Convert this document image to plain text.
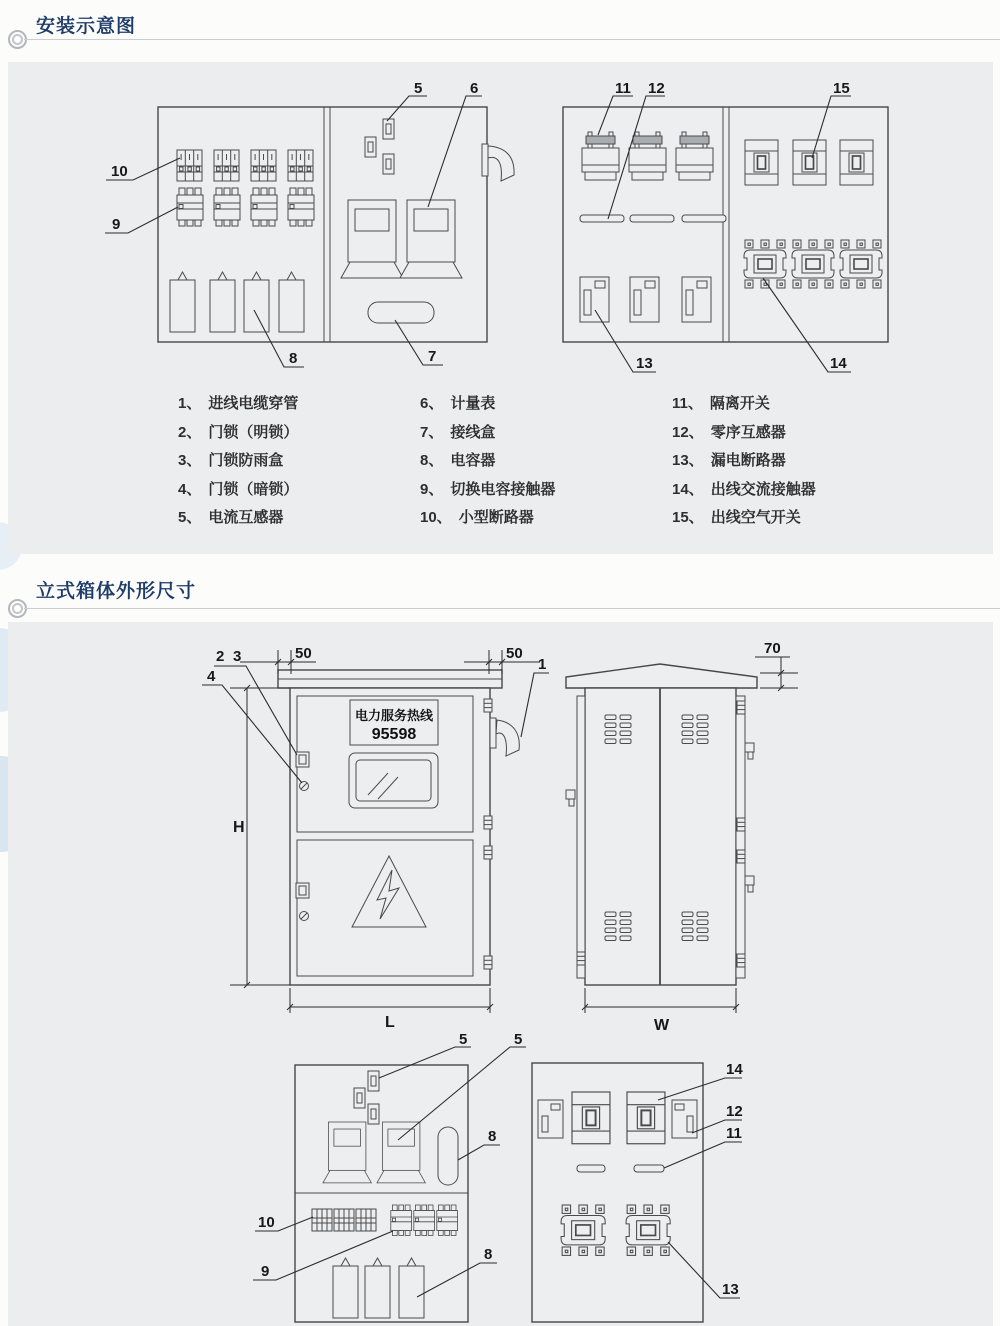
安装示意图
立式箱体外形尺寸
1、 进线电缆穿管
2、 门锁（明锁）
3、 门锁防雨盒
4、 门锁（暗锁）
5、 电流互感器
6、 计量表
7、 接线盒
8、 电容器
9、 切换电容接触器
10、 小型断路器
11、 隔离开关
12、 零序互感器
13、 漏电断路器
14、 出线交流接触器
15、 出线空气开关
5	6
10
9
8	7
11 12	15
13	14
2 3
4
1
50	50
H
L
电力服务热线
95598
70
W
5	5
8
10
9
8
14
12
11
13
